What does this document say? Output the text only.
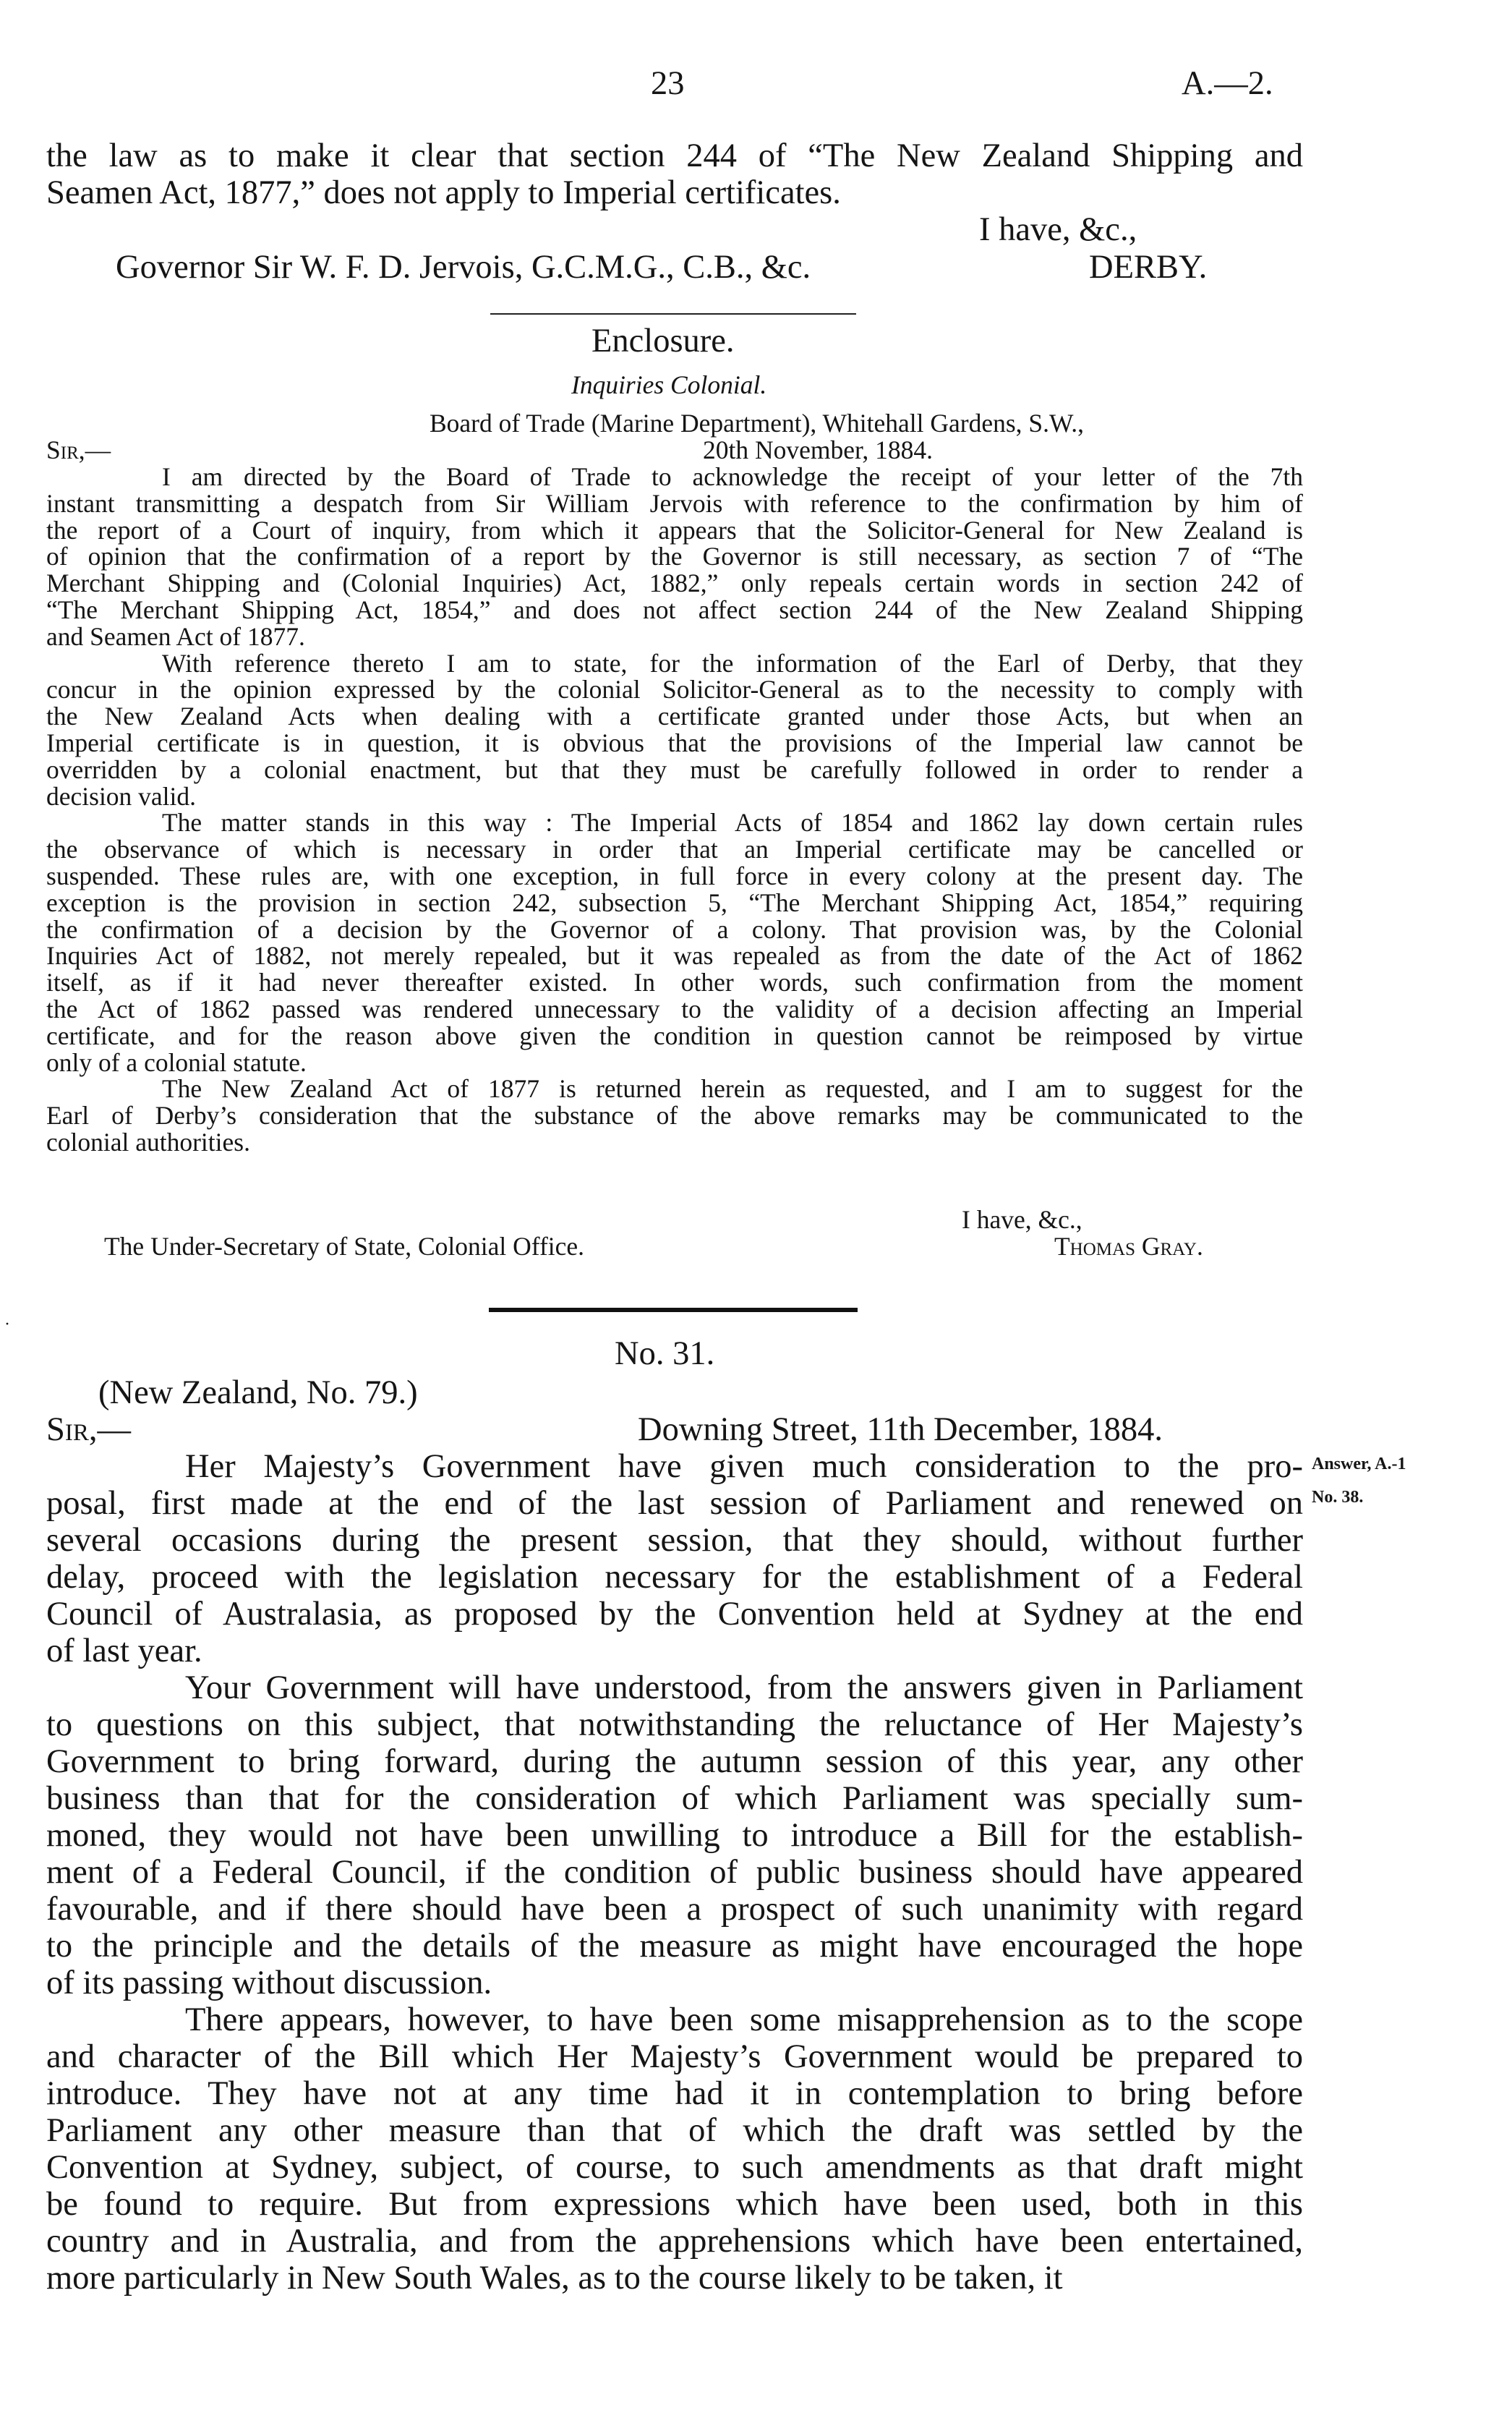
23	A.—2.
the law as to make it clear that section 244 of “The New Zealand Shipping and
Seamen Act, 1877,” does not apply to Imperial certificates.
I have, &c.,
Governor Sir W. F. D. Jervois, G.C.M.G., C.B., &c.	DERBY.
Enclosure.
Inquiries Colonial.
Board of Trade (Marine Department), Whitehall Gardens, S.W.,
Sir,—	20th November, 1884.
I am directed by the Board of Trade to acknowledge the receipt of your letter of the 7th
instant transmitting a despatch from Sir William Jervois with reference to the confirmation by him of
the report of a Court of inquiry, from which it appears that the Solicitor-General for New Zealand is
of opinion that the confirmation of a report by the Governor is still necessary, as section 7 of “The
Merchant Shipping and (Colonial Inquiries) Act, 1882,” only repeals certain words in section 242 of
“The Merchant Shipping Act, 1854,” and does not affect section 244 of the New Zealand Shipping
and Seamen Act of 1877.
With reference thereto I am to state, for the information of the Earl of Derby, that they
concur in the opinion expressed by the colonial Solicitor-General as to the necessity to comply with
the New Zealand Acts when dealing with a certificate granted under those Acts, but when an
Imperial certificate is in question, it is obvious that the provisions of the Imperial law cannot be
overridden by a colonial enactment, but that they must be carefully followed in order to render a
decision valid.
The matter stands in this way : The Imperial Acts of 1854 and 1862 lay down certain rules
the observance of which is necessary in order that an Imperial certificate may be cancelled or
suspended. These rules are, with one exception, in full force in every colony at the present day. The
exception is the provision in section 242, subsection 5, “The Merchant Shipping Act, 1854,” requiring
the confirmation of a decision by the Governor of a colony. That provision was, by the Colonial
Inquiries Act of 1882, not merely repealed, but it was repealed as from the date of the Act of 1862
itself, as if it had never thereafter existed. In other words, such confirmation from the moment
the Act of 1862 passed was rendered unnecessary to the validity of a decision affecting an Imperial
certificate, and for the reason above given the condition in question cannot be reimposed by virtue
only of a colonial statute.
The New Zealand Act of 1877 is returned herein as requested, and I am to suggest for the
Earl of Derby’s consideration that the substance of the above remarks may be communicated to the
colonial authorities.
I have, &c.,
The Under-Secretary of State, Colonial Office.	Thomas Gray.
·
No. 31.
(New Zealand, No. 79.)
Sir,—	Downing Street, 11th December, 1884.
Answer, A.-1
No. 38.
Her Majesty’s Government have given much consideration to the pro-
posal, first made at the end of the last session of Parliament and renewed on
several occasions during the present session, that they should, without further
delay, proceed with the legislation necessary for the establishment of a Federal
Council of Australasia, as proposed by the Convention held at Sydney at the end
of last year.
Your Government will have understood, from the answers given in Parliament
to questions on this subject, that notwithstanding the reluctance of Her Majesty’s
Government to bring forward, during the autumn session of this year, any other
business than that for the consideration of which Parliament was specially sum-
moned, they would not have been unwilling to introduce a Bill for the establish-
ment of a Federal Council, if the condition of public business should have appeared
favourable, and if there should have been a prospect of such unanimity with regard
to the principle and the details of the measure as might have encouraged the hope
of its passing without discussion.
There appears, however, to have been some misapprehension as to the scope
and character of the Bill which Her Majesty’s Government would be prepared to
introduce. They have not at any time had it in contemplation to bring before
Parliament any other measure than that of which the draft was settled by the
Convention at Sydney, subject, of course, to such amendments as that draft might
be found to require. But from expressions which have been used, both in this
country and in Australia, and from the apprehensions which have been entertained,
more particularly in New South Wales, as to the course likely to be taken, it
